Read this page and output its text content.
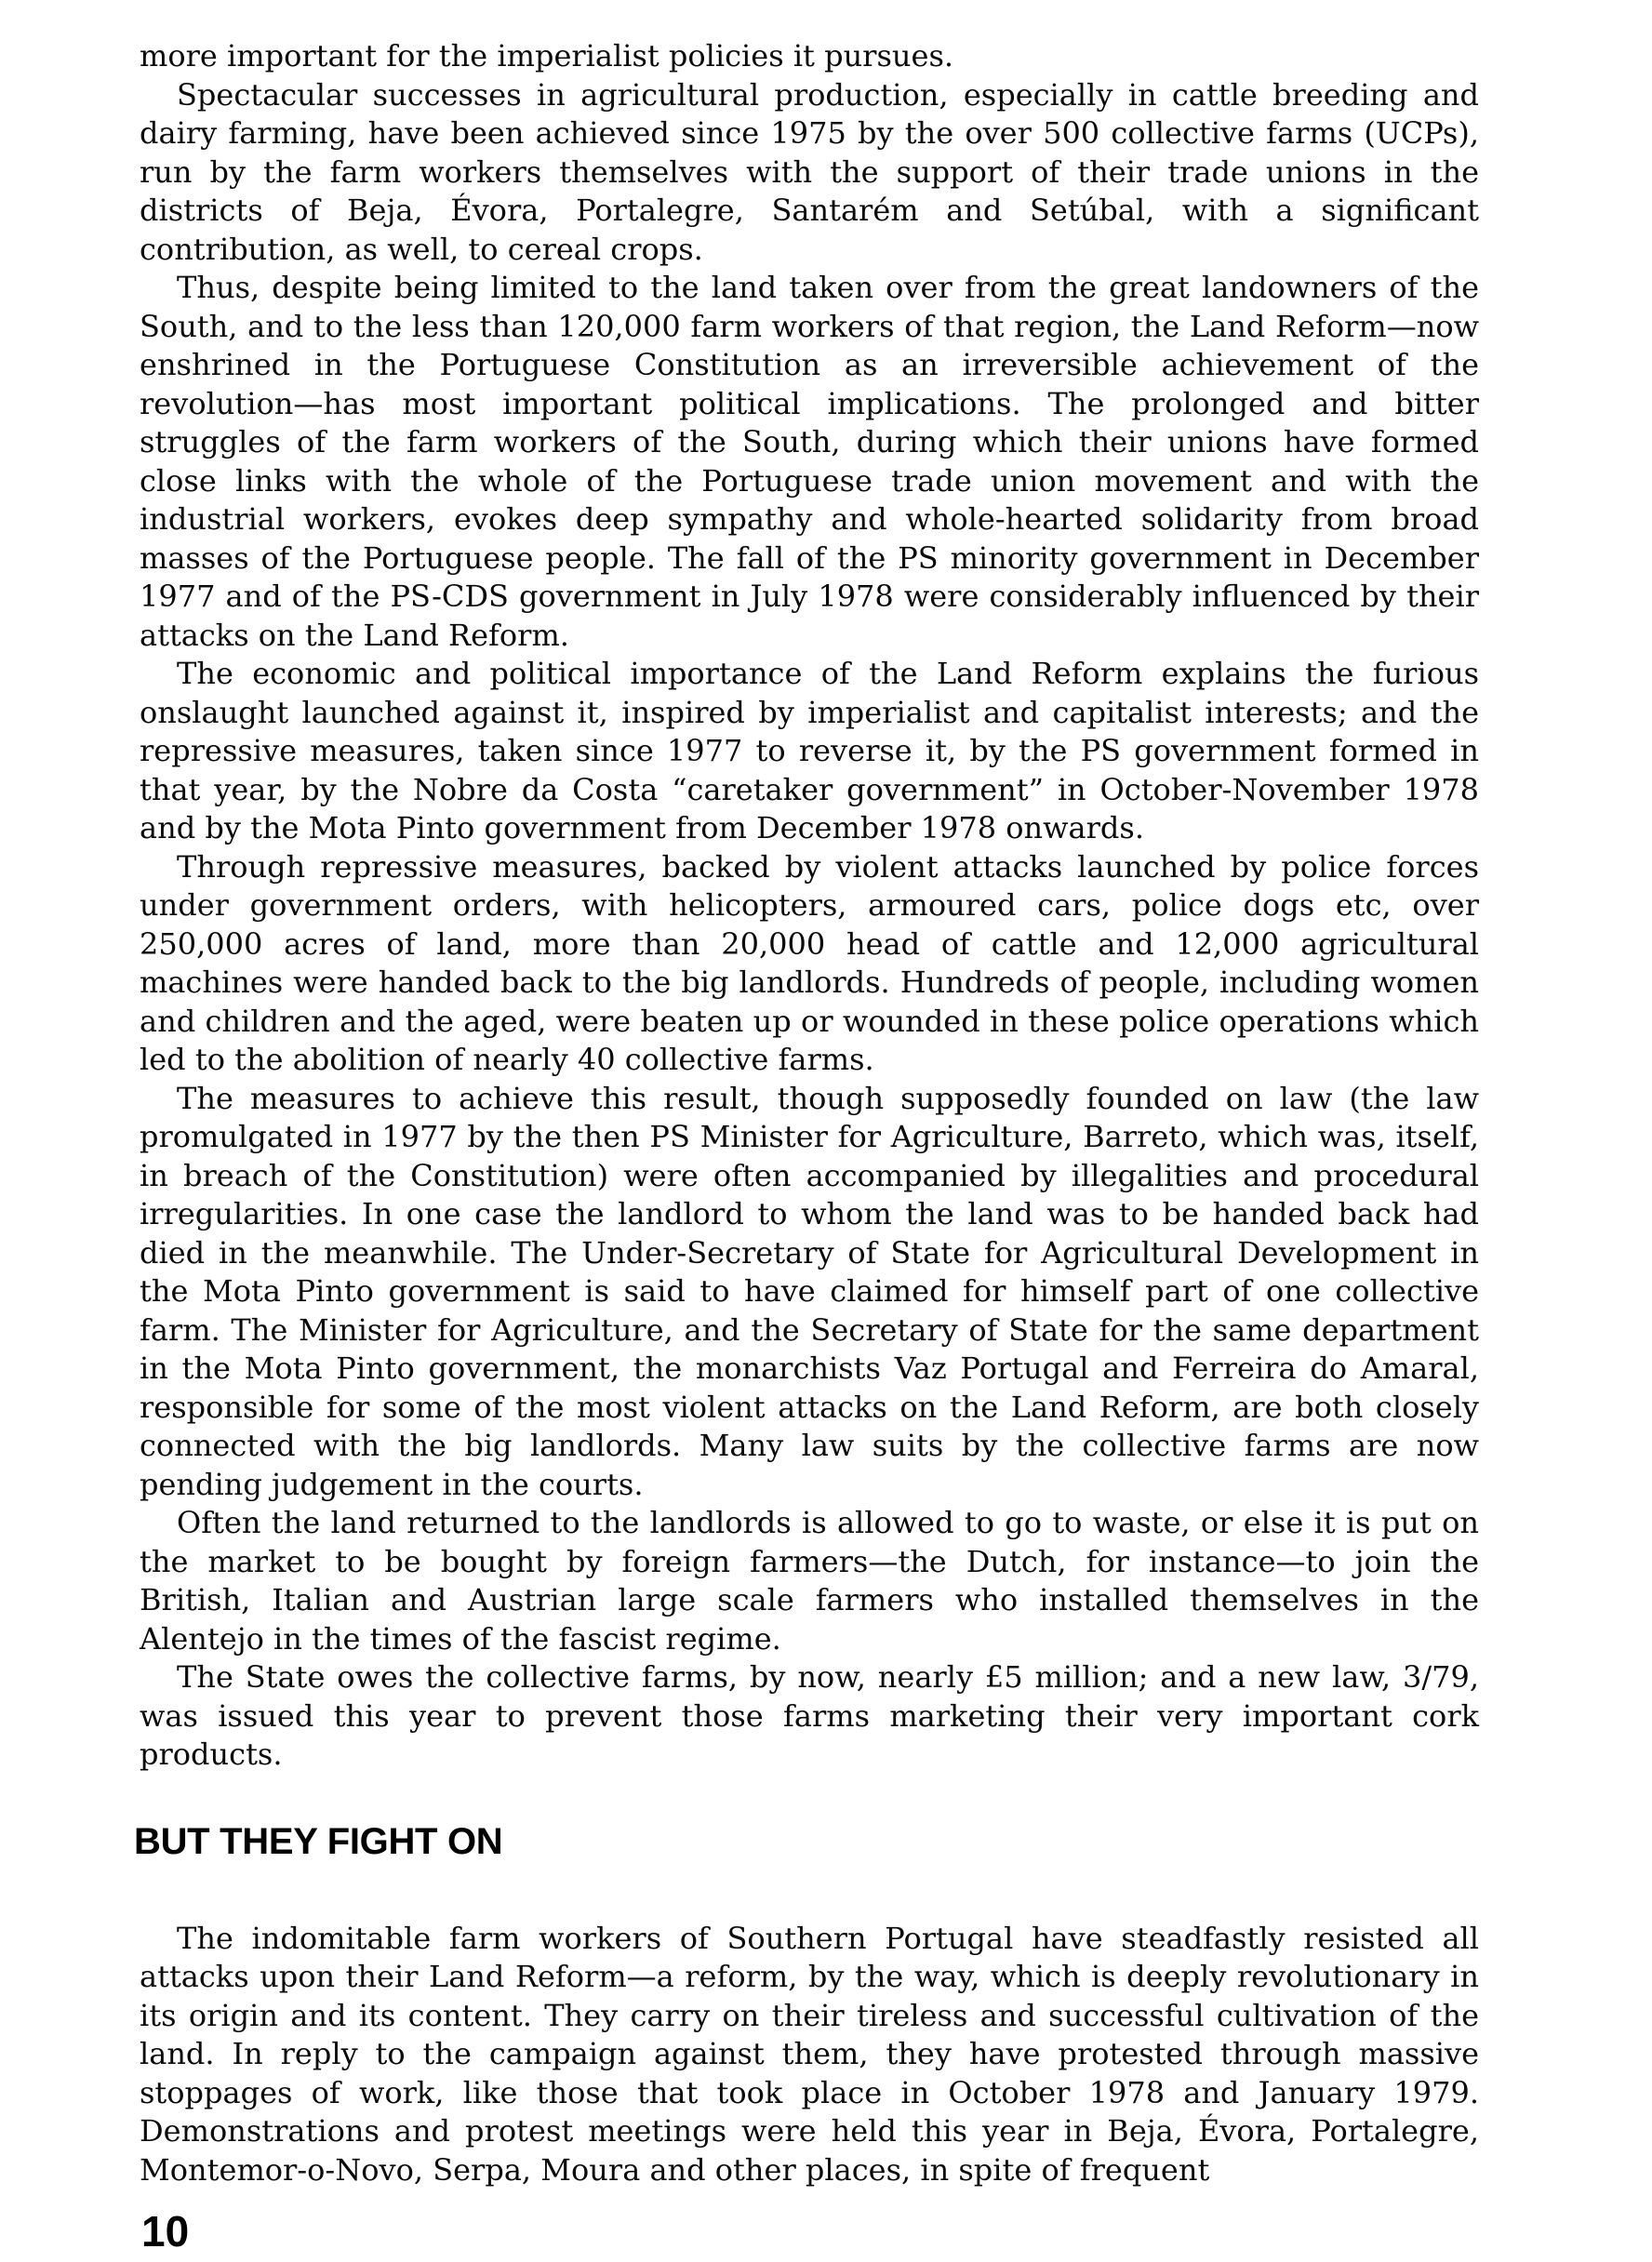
more important for the imperialist policies it pursues.

Spectacular successes in agricultural production, especially in cattle breeding and dairy farming, have been achieved since 1975 by the over 500 collective farms (UCPs), run by the farm workers themselves with the support of their trade unions in the districts of Beja, Évora, Portalegre, Santarém and Setúbal, with a significant contribution, as well, to cereal crops.

Thus, despite being limited to the land taken over from the great landowners of the South, and to the less than 120,000 farm workers of that region, the Land Reform—now enshrined in the Portuguese Constitution as an irreversible achievement of the revolution—has most important political implications. The prolonged and bitter struggles of the farm workers of the South, during which their unions have formed close links with the whole of the Portuguese trade union movement and with the industrial workers, evokes deep sympathy and whole-hearted solidarity from broad masses of the Portuguese people. The fall of the PS minority government in December 1977 and of the PS-CDS government in July 1978 were considerably influenced by their attacks on the Land Reform.

The economic and political importance of the Land Reform explains the furious onslaught launched against it, inspired by imperialist and capitalist interests; and the repressive measures, taken since 1977 to reverse it, by the PS government formed in that year, by the Nobre da Costa “caretaker government” in October-November 1978 and by the Mota Pinto government from December 1978 onwards.

Through repressive measures, backed by violent attacks launched by police forces under government orders, with helicopters, armoured cars, police dogs etc, over 250,000 acres of land, more than 20,000 head of cattle and 12,000 agricultural machines were handed back to the big landlords. Hundreds of people, including women and children and the aged, were beaten up or wounded in these police operations which led to the abolition of nearly 40 collective farms.

The measures to achieve this result, though supposedly founded on law (the law promulgated in 1977 by the then PS Minister for Agriculture, Barreto, which was, itself, in breach of the Constitution) were often accompanied by illegalities and procedural irregularities. In one case the landlord to whom the land was to be handed back had died in the meanwhile. The Under-Secretary of State for Agricultural Development in the Mota Pinto government is said to have claimed for himself part of one collective farm. The Minister for Agriculture, and the Secretary of State for the same department in the Mota Pinto government, the monarchists Vaz Portugal and Ferreira do Amaral, responsible for some of the most violent attacks on the Land Reform, are both closely connected with the big landlords. Many law suits by the collective farms are now pending judgement in the courts.

Often the land returned to the landlords is allowed to go to waste, or else it is put on the market to be bought by foreign farmers—the Dutch, for instance—to join the British, Italian and Austrian large scale farmers who installed themselves in the Alentejo in the times of the fascist regime.

The State owes the collective farms, by now, nearly £5 million; and a new law, 3/79, was issued this year to prevent those farms marketing their very important cork products.

BUT THEY FIGHT ON

The indomitable farm workers of Southern Portugal have steadfastly resisted all attacks upon their Land Reform—a reform, by the way, which is deeply revolutionary in its origin and its content. They carry on their tireless and successful cultivation of the land. In reply to the campaign against them, they have protested through massive stoppages of work, like those that took place in October 1978 and January 1979. Demonstrations and protest meetings were held this year in Beja, Évora, Portalegre, Montemor-o-Novo, Serpa, Moura and other places, in spite of frequent

10
